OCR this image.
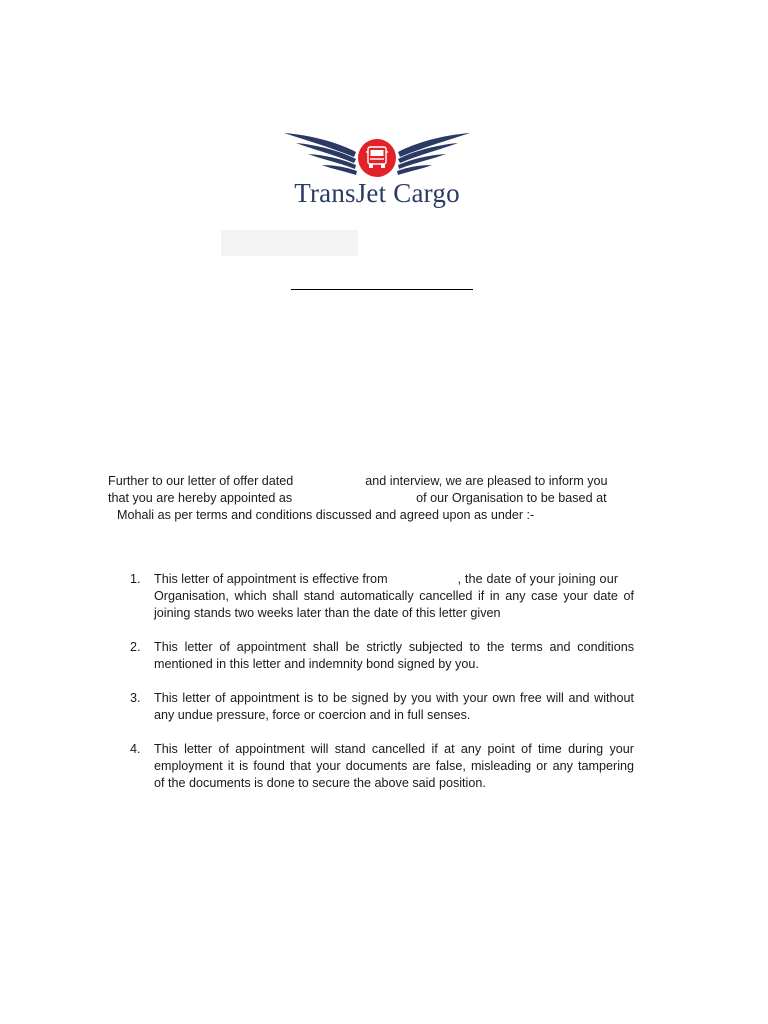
TransJet Cargo
Further to our letter of offer dated	and interview, we are pleased to inform you
that you are hereby appointed as	of our Organisation to be based at
Mohali as per terms and conditions discussed and agreed upon as under :-
1.	This letter of appointment is effective from	, the date of your joining our
Organisation, which shall stand automatically cancelled if in any case your date of
joining stands two weeks later than the date of this letter given
2.	This letter of appointment shall be strictly subjected to the terms and conditions
mentioned in this letter and indemnity bond signed by you.
3.	This letter of appointment is to be signed by you with your own free will and without
any undue pressure, force or coercion and in full senses.
4.	This letter of appointment will stand cancelled if at any point of time during your
employment it is found that your documents are false, misleading or any tampering
of the documents is done to secure the above said position.
